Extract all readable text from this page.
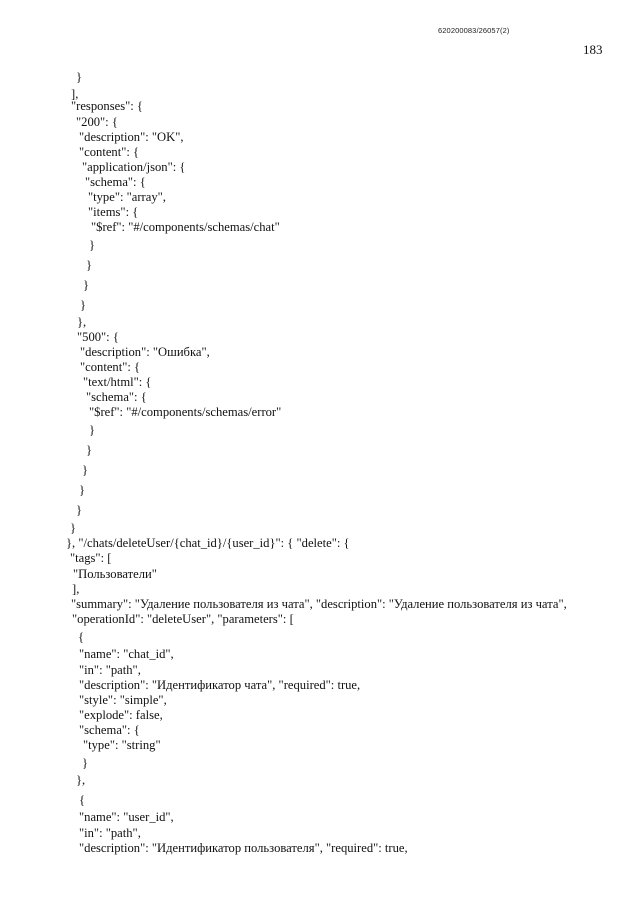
620200083/26057(2)
183
}
],
"responses": {
"200": {
"description": "OK",
"content": {
"application/json": {
"schema": {
"type": "array",
"items": {
"$ref": "#/components/schemas/chat"
}
}
}
}
},
"500": {
"description": "Ошибка",
"content": {
"text/html": {
"schema": {
"$ref": "#/components/schemas/error"
}
}
}
}
}
}
}, "/chats/deleteUser/{chat_id}/{user_id}": { "delete": {
"tags": [
"Пользователи"
],
"summary": "Удаление пользователя из чата", "description": "Удаление пользователя из чата",
"operationId": "deleteUser", "parameters": [
{
"name": "chat_id",
"in": "path",
"description": "Идентификатор чата", "required": true,
"style": "simple",
"explode": false,
"schema": {
"type": "string"
}
},
{
"name": "user_id",
"in": "path",
"description": "Идентификатор пользователя", "required": true,
